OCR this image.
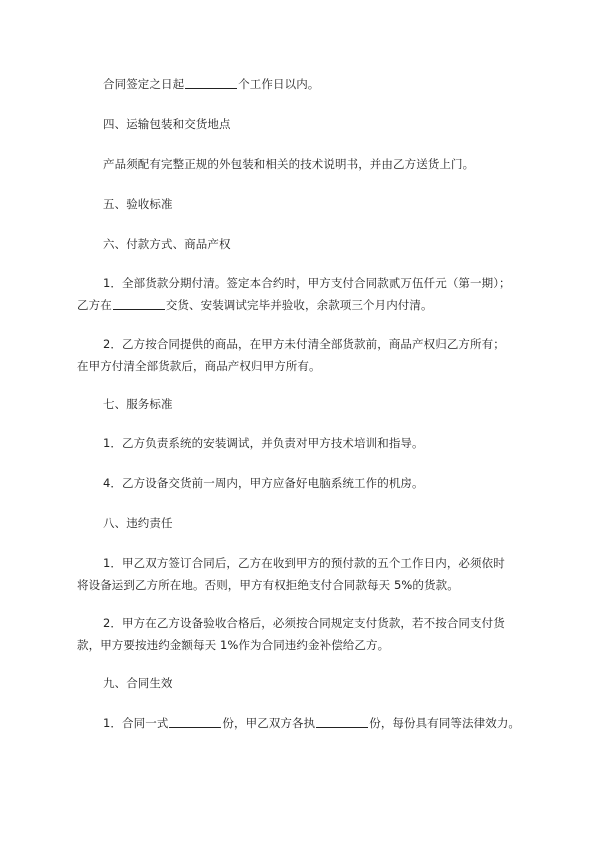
合同签定之日起	个工作日以内。
四、运输包装和交货地点
产品须配有完整正规的外包装和相关的技术说明书，并由乙方送货上门。
五、验收标准
六、付款方式、商品产权
1．全部货款分期付清。签定本合约时，甲方支付合同款贰万伍仟元（第一期）；
乙方在	交货、安装调试完毕并验收，余款项三个月内付清。
2．乙方按合同提供的商品，在甲方未付清全部货款前，商品产权归乙方所有；
在甲方付清全部货款后，商品产权归甲方所有。
七、服务标准
1．乙方负责系统的安装调试，并负责对甲方技术培训和指导。
4．乙方设备交货前一周内，甲方应备好电脑系统工作的机房。
八、违约责任
1．甲乙双方签订合同后，乙方在收到甲方的预付款的五个工作日内，必须依时
将设备运到乙方所在地。否则，甲方有权拒绝支付合同款每天 5%的货款。
2．甲方在乙方设备验收合格后，必须按合同规定支付货款，若不按合同支付货
款，甲方要按违约金额每天 1%作为合同违约金补偿给乙方。
九、合同生效
1．合同一式	份，甲乙双方各执	份，每份具有同等法律效力。
